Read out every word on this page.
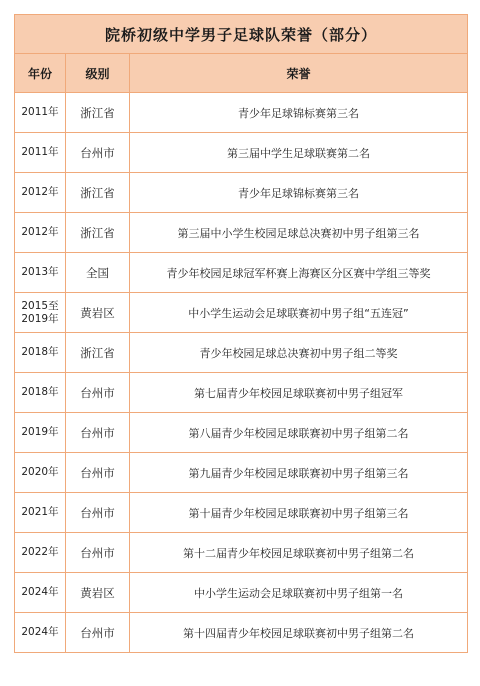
院桥初级中学男子足球队荣誉（部分）		
年份	级别	荣誉
2011年	浙江省	青少年足球锦标赛第三名
2011年	台州市	第三届中学生足球联赛第二名
2012年	浙江省	青少年足球锦标赛第三名
2012年	浙江省	第三届中小学生校园足球总决赛初中男子组第三名
2013年	全国	青少年校园足球冠军杯赛上海赛区分区赛中学组三等奖
2015至2019年	黄岩区	中小学生运动会足球联赛初中男子组“五连冠”
2018年	浙江省	青少年校园足球总决赛初中男子组二等奖
2018年	台州市	第七届青少年校园足球联赛初中男子组冠军
2019年	台州市	第八届青少年校园足球联赛初中男子组第二名
2020年	台州市	第九届青少年校园足球联赛初中男子组第三名
2021年	台州市	第十届青少年校园足球联赛初中男子组第三名
2022年	台州市	第十二届青少年校园足球联赛初中男子组第二名
2024年	黄岩区	中小学生运动会足球联赛初中男子组第一名
2024年	台州市	第十四届青少年校园足球联赛初中男子组第二名
